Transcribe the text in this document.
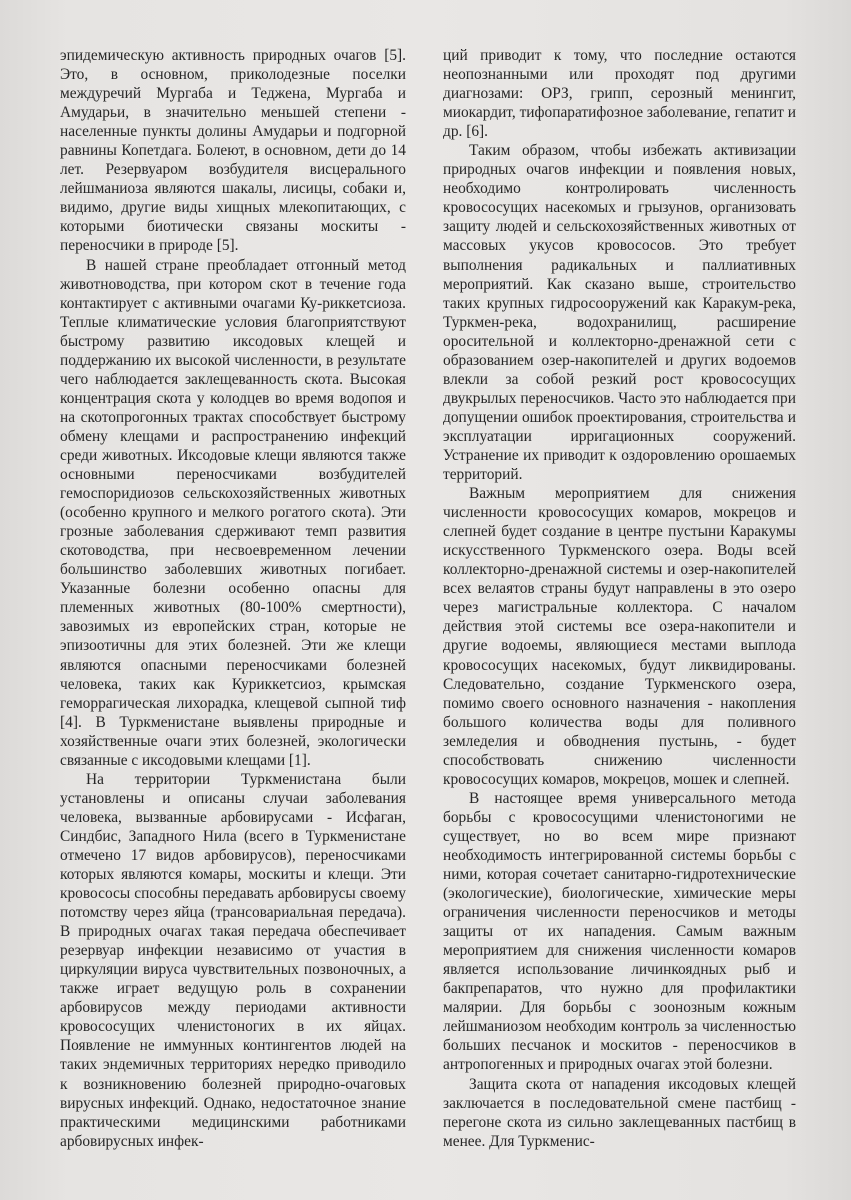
эпидемическую активность природных очагов [5]. Это, в основном, приколодезные поселки междуречий Мургаба и Теджена, Мургаба и Амударьи, в значительно меньшей степени - населенные пункты долины Амударьи и подгорной равнины Копетдага. Болеют, в основном, дети до 14 лет. Резервуаром возбудителя висцерального лейшманиоза являются шакалы, лисицы, собаки и, видимо, другие виды хищных млекопитающих, с которыми биотически связаны москиты - переносчики в природе [5].

В нашей стране преобладает отгонный метод животноводства, при котором скот в течение года контактирует с активными очагами Ку-риккетсиоза. Теплые климатические условия благоприятствуют быстрому развитию иксодовых клещей и поддержанию их высокой численности, в результате чего наблюдается заклещеванность скота. Высокая концентрация скота у колодцев во время водопоя и на скотопрогонных трактах способствует быстрому обмену клещами и распространению инфекций среди животных. Иксодовые клещи являются также основными переносчиками возбудителей гемоспоридиозов сельскохозяйственных животных (особенно крупного и мелкого рогатого скота). Эти грозные заболевания сдерживают темп развития скотоводства, при несвоевременном лечении большинство заболевших животных погибает. Указанные болезни особенно опасны для племенных животных (80-100% смертности), завозимых из европейских стран, которые не эпизоотичны для этих болезней. Эти же клещи являются опасными переносчиками болезней человека, таких как Куриккетсиоз, крымская геморрагическая лихорадка, клещевой сыпной тиф [4]. В Туркменистане выявлены природные и хозяйственные очаги этих болезней, экологически связанные с иксодовыми клещами [1].

На территории Туркменистана были установлены и описаны случаи заболевания человека, вызванные арбовирусами - Исфаган, Синдбис, Западного Нила (всего в Туркменистане отмечено 17 видов арбовирусов), переносчиками которых являются комары, москиты и клещи. Эти кровососы способны передавать арбовирусы своему потомству через яйца (трансовариальная передача). В природных очагах такая передача обеспечивает резервуар инфекции независимо от участия в циркуляции вируса чувствительных позвоночных, а также играет ведущую роль в сохранении арбовирусов между периодами активности кровососущих членистоногих в их яйцах. Появление не иммунных контингентов людей на таких эндемичных территориях нередко приводило к возникновению болезней природно-очаговых вирусных инфекций. Однако, недостаточное знание практическими медицинскими работниками арбовирусных инфек-

ций приводит к тому, что последние остаются неопознанными или проходят под другими диагнозами: ОРЗ, грипп, серозный менингит, миокардит, тифопаратифозное заболевание, гепатит и др. [6].

Таким образом, чтобы избежать активизации природных очагов инфекции и появления новых, необходимо контролировать численность кровососущих насекомых и грызунов, организовать защиту людей и сельскохозяйственных животных от массовых укусов кровососов. Это требует выполнения радикальных и паллиативных мероприятий. Как сказано выше, строительство таких крупных гидросооружений как Каракум-река, Туркмен-река, водохранилищ, расширение оросительной и коллекторно-дренажной сети с образованием озер-накопителей и других водоемов влекли за собой резкий рост кровососущих двукрылых переносчиков. Часто это наблюдается при допущении ошибок проектирования, строительства и эксплуатации ирригационных сооружений. Устранение их приводит к оздоровлению орошаемых территорий.

Важным мероприятием для снижения численности кровососущих комаров, мокрецов и слепней будет создание в центре пустыни Каракумы искусственного Туркменского озера. Воды всей коллекторно-дренажной системы и озер-накопителей всех велаятов страны будут направлены в это озеро через магистральные коллектора. С началом действия этой системы все озера-накопители и другие водоемы, являющиеся местами выплода кровососущих насекомых, будут ликвидированы. Следовательно, создание Туркменского озера, помимо своего основного назначения - накопления большого количества воды для поливного земледелия и обводнения пустынь, - будет способствовать снижению численности кровососущих комаров, мокрецов, мошек и слепней.

В настоящее время универсального метода борьбы с кровососущими членистоногими не существует, но во всем мире признают необходимость интегрированной системы борьбы с ними, которая сочетает санитарно-гидротехнические (экологические), биологические, химические меры ограничения численности переносчиков и методы защиты от их нападения. Самым важным мероприятием для снижения численности комаров является использование личинкоядных рыб и бакпрепаратов, что нужно для профилактики малярии. Для борьбы с зоонозным кожным лейшманиозом необходим контроль за численностью больших песчанок и москитов - переносчиков в антропогенных и природных очагах этой болезни.

Защита скота от нападения иксодовых клещей заключается в последовательной смене пастбищ - перегоне скота из сильно заклещеванных пастбищ в менее. Для Туркменис-
